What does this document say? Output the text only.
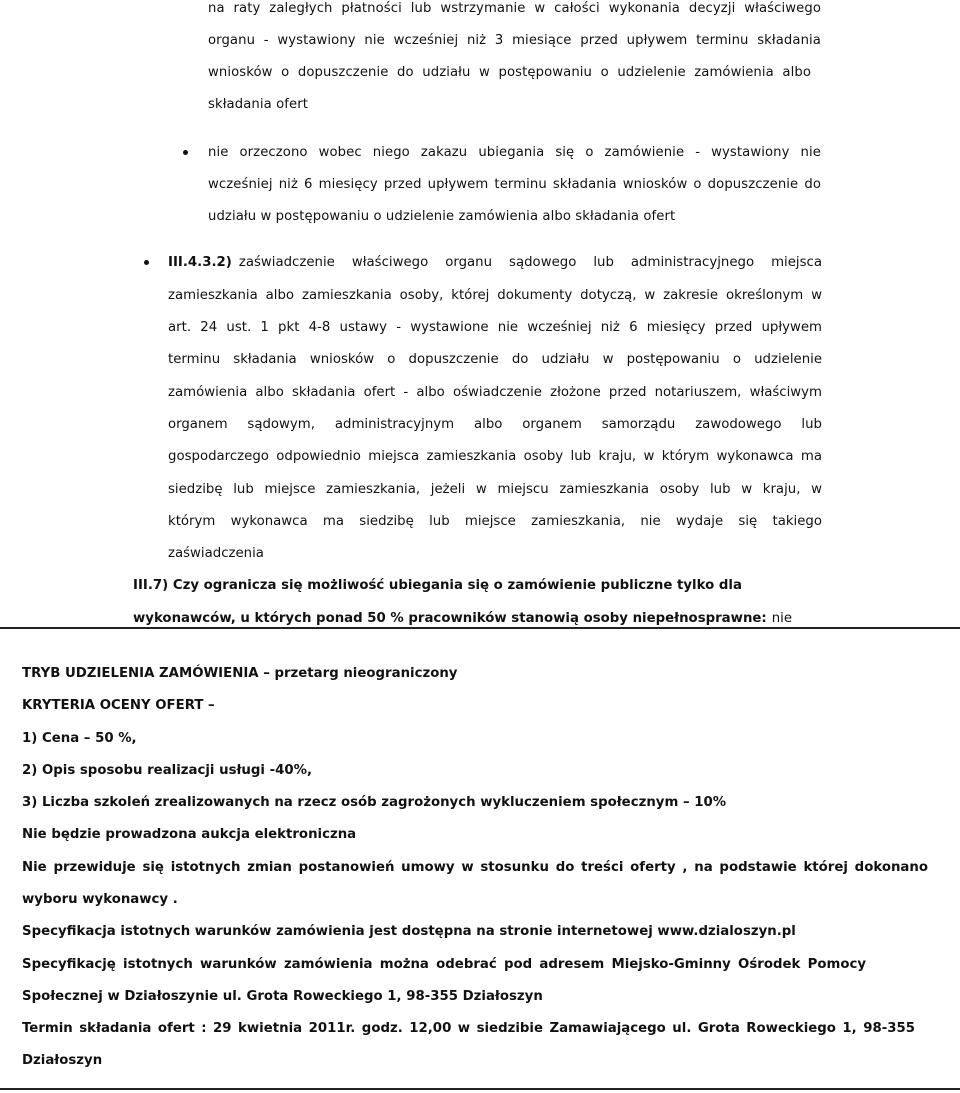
na raty zaległych płatności lub wstrzymanie w całości wykonania decyzji właściwego

organu - wystawiony nie wcześniej niż 3 miesiące przed upływem terminu składania

wniosków o dopuszczenie do udziału w postępowaniu o udzielenie zamówienia albo

składania ofert

nie orzeczono wobec niego zakazu ubiegania się o zamówienie - wystawiony nie

wcześniej niż 6 miesięcy przed upływem terminu składania wniosków o dopuszczenie do

udziału w postępowaniu o udzielenie zamówienia albo składania ofert

III.4.3.2) zaświadczenie właściwego organu sądowego lub administracyjnego miejsca

zamieszkania albo zamieszkania osoby, której dokumenty dotyczą, w zakresie określonym w

art. 24 ust. 1 pkt 4-8 ustawy - wystawione nie wcześniej niż 6 miesięcy przed upływem

terminu składania wniosków o dopuszczenie do udziału w postępowaniu o udzielenie

zamówienia albo składania ofert - albo oświadczenie złożone przed notariuszem, właściwym

organem sądowym, administracyjnym albo organem samorządu zawodowego lub

gospodarczego odpowiednio miejsca zamieszkania osoby lub kraju, w którym wykonawca ma

siedzibę lub miejsce zamieszkania, jeżeli w miejscu zamieszkania osoby lub w kraju, w

którym wykonawca ma siedzibę lub miejsce zamieszkania, nie wydaje się takiego

zaświadczenia

III.7) Czy ogranicza się możliwość ubiegania się o zamówienie publiczne tylko dla

wykonawców, u których ponad 50 % pracowników stanowią osoby niepełnosprawne: nie

TRYB UDZIELENIA ZAMÓWIENIA – przetarg nieograniczony

KRYTERIA OCENY OFERT –

1) Cena – 50 %,

2) Opis sposobu realizacji usługi -40%,

3) Liczba szkoleń zrealizowanych na rzecz osób zagrożonych wykluczeniem społecznym – 10%

Nie będzie prowadzona aukcja elektroniczna

Nie przewiduje się istotnych zmian postanowień umowy w stosunku do treści oferty , na podstawie której dokonano

wyboru wykonawcy .

Specyfikacja istotnych warunków zamówienia jest dostępna na stronie internetowej www.dzialoszyn.pl

Specyfikację istotnych warunków zamówienia można odebrać pod adresem Miejsko-Gminny Ośrodek Pomocy

Społecznej w Działoszynie ul. Grota Roweckiego 1, 98-355 Działoszyn

Termin składania ofert : 29 kwietnia 2011r. godz. 12,00 w siedzibie Zamawiającego ul. Grota Roweckiego 1, 98-355

Działoszyn
